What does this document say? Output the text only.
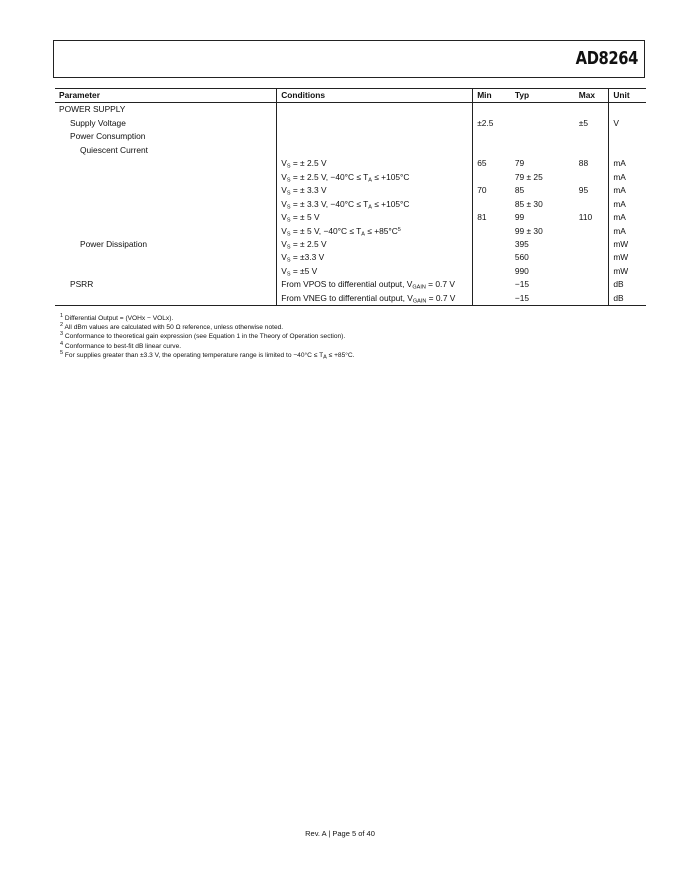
AD8264
Parameter	Conditions	Min	Typ	Max	Unit
POWER SUPPLY					
Supply Voltage		±2.5		±5	V
Power Consumption					
Quiescent Current					
	$V_S$ = ± 2.5 V	65	79	88	mA
	$V_S$ = ± 2.5 V, $-40^\circ C \le T_A \le +105^\circ C$		79 ± 25		mA
	$V_S$ = ± 3.3 V	70	85	95	mA
	$V_S$ = ± 3.3 V, $-40^\circ C \le T_A \le +105^\circ C$		85 ± 30		mA
	$V_S$ = ± 5 V	81	99	110	mA
	$V_S$ = ± 5 V, $-40^\circ C \le T_A \le +85^\circ C^5$		99 ± 30		mA
Power Dissipation	$V_S$ = ± 2.5 V		395		mW
	$V_S = \pm 3.3$ V		560		mW
	$V_S = \pm 5$ V		990		mW
PSRR	From VPOS to differential output, $V_{GAIN} = 0.7$ V		−15		dB
	From VNEG to differential output, $V_{GAIN} = 0.7$ V		−15		dB
$^1$ Differential Output = (VOHx − VOLx).
$^2$ All dBm values are calculated with 50 Ω reference, unless otherwise noted.
$^3$ Conformance to theoretical gain expression (see Equation 1 in the Theory of Operation section).
$^4$ Conformance to best-fit dB linear curve.
$^5$ For supplies greater than ±3.3 V, the operating temperature range is limited to $-40^\circ C \le T_A \le +85^\circ C$.
Rev. A | Page 5 of 40
